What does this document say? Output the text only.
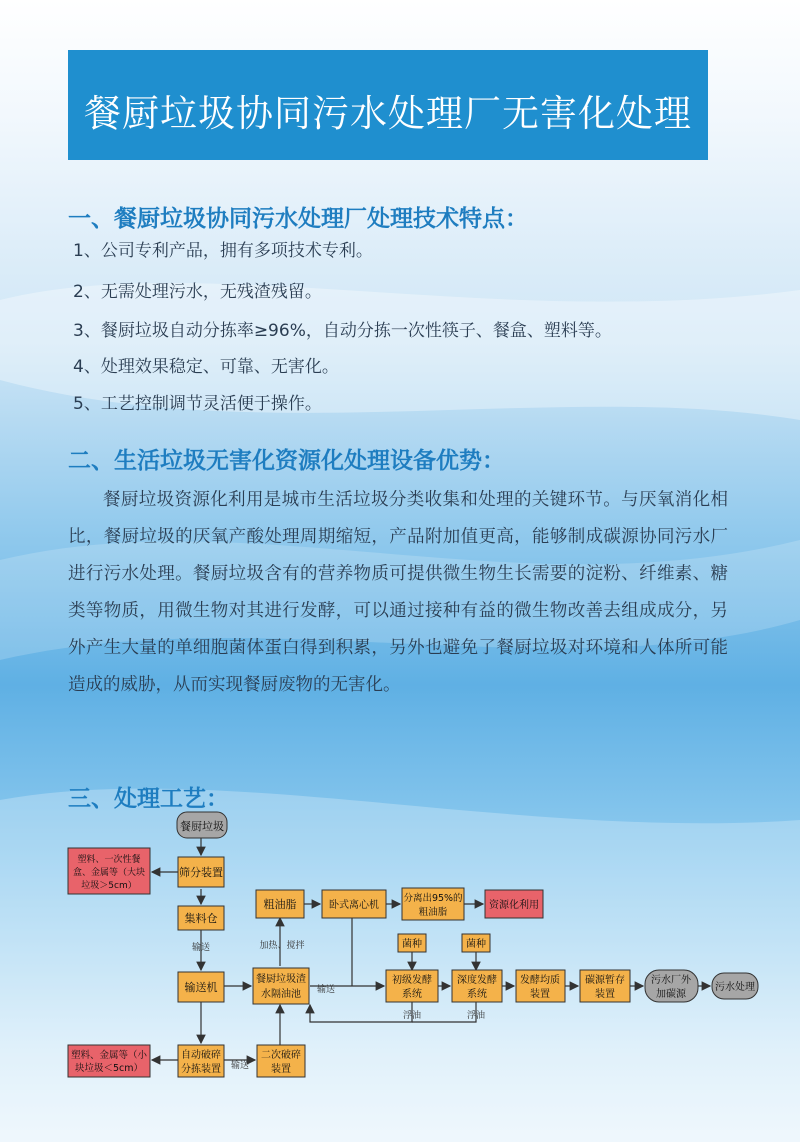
餐厨垃圾协同污水处理厂无害化处理
一、餐厨垃圾协同污水处理厂处理技术特点：
1、公司专利产品，拥有多项技术专利。
2、无需处理污水，无残渣残留。
3、餐厨垃圾自动分拣率≥96%，自动分拣一次性筷子、餐盒、塑料等。
4、处理效果稳定、可靠、无害化。
5、工艺控制调节灵活便于操作。
二、生活垃圾无害化资源化处理设备优势：
餐厨垃圾资源化利用是城市生活垃圾分类收集和处理的关键环节。与厌氧消化相比，餐厨垃圾的厌氧产酸处理周期缩短，产品附加值更高，能够制成碳源协同污水厂进行污水处理。餐厨垃圾含有的营养物质可提供微生物生长需要的淀粉、纤维素、糖类等物质，用微生物对其进行发酵，可以通过接种有益的微生物改善去组成成分，另外产生大量的单细胞菌体蛋白得到积累，另外也避免了餐厨垃圾对环境和人体所可能造成的威胁，从而实现餐厨废物的无害化。
三、处理工艺：
餐厨垃圾
筛分装置
塑料、一次性餐
盒、金属等（大块
垃圾＞5cm）
集料仓
输送
输送机
餐厨垃圾渣
水隔油池
加热、搅拌
粗油脂	卧式离心机
分离出95%的
粗油脂
资源化利用
输送
菌种	菌种
初级发酵
系统
深度发酵
系统
发酵均质
装置
碳源暂存
装置
污水厂外
加碳源
污水处理
浮油	浮油
塑料、金属等（小
块垃圾＜5cm）
自动破碎
分拣装置 输送
二次破碎
装置
